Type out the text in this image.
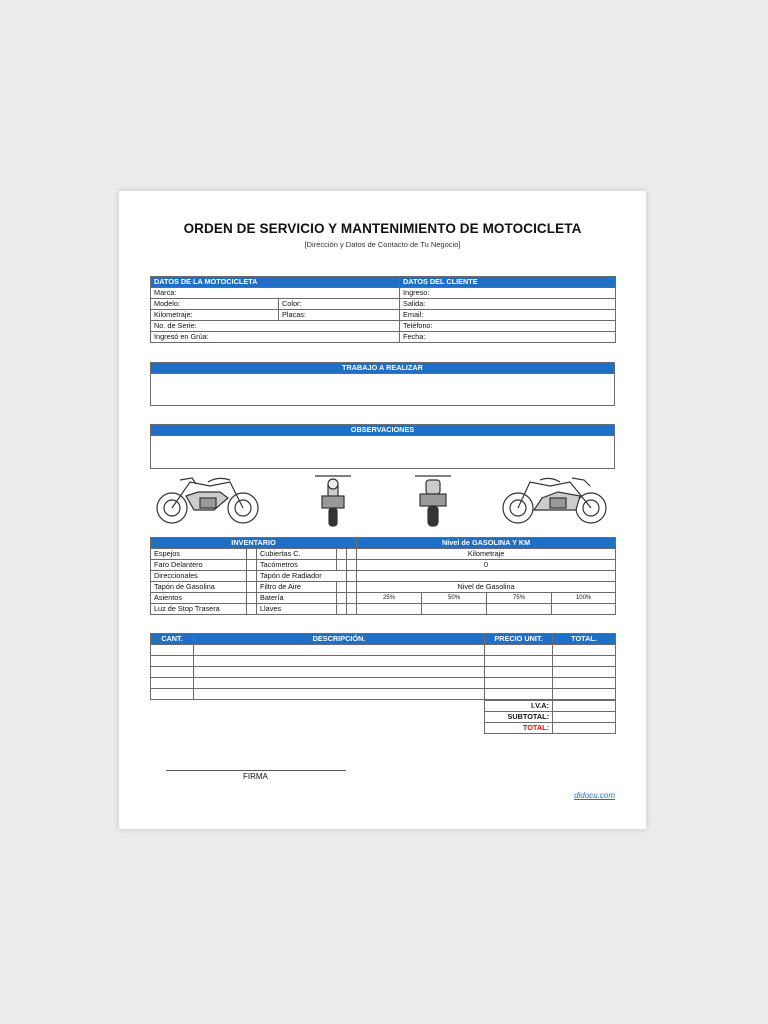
ORDEN DE SERVICIO Y MANTENIMIENTO DE MOTOCICLETA
[Dirección y Datos de Contacto de Tu Negocio]
DATOS DE LA MOTOCICLETA		DATOS DEL CLIENTE
Marca:		Ingreso:
Modelo:	Color:	Salida:
Kilometraje:	Placas:	Email:
No. de Serie:		Teléfono:
Ingresó en Grúa:		Fecha:
TRABAJO A REALIZAR
OBSERVACIONES
INVENTARIO					Nivel de GASOLINA Y KM			
Espejos		Cubiertas C.			Kilometraje			
Faro Delantero		Tacómetros			0			
Direccionales		Tapón de Radiador						
Tapón de Gasolina		Filtro de Aire			Nivel de Gasolina			
Asientos		Batería			25%	50%	75%	100%
Luz de Stop Trasera		Llaves						
CANT.	DESCRIPCIÓN.	PRECIO UNIT.	TOTAL.

I.V.A:	
SUBTOTAL:	
TOTAL:	
FIRMA
didocu.com
